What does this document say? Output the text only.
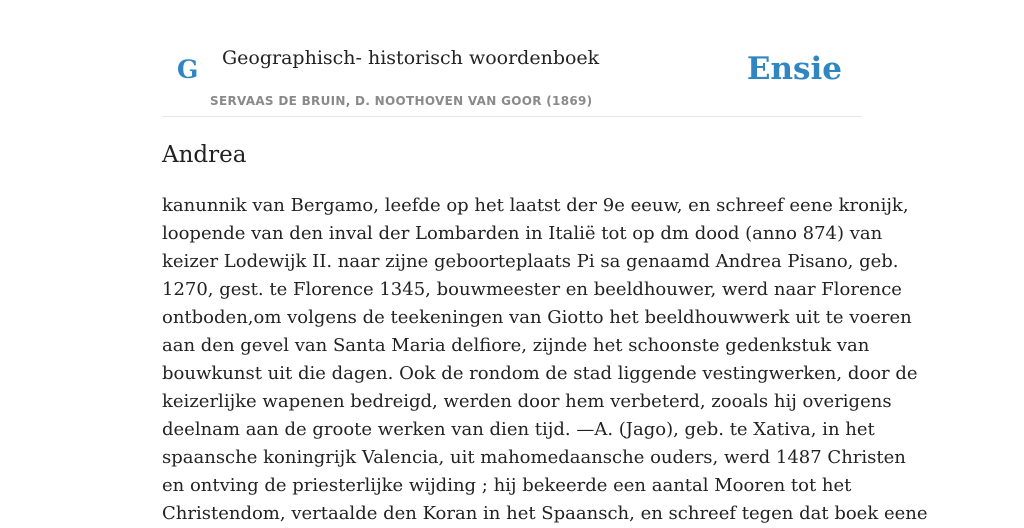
G Geographisch- historisch woordenboek
SERVAAS DE BRUIN, D. NOOTHOVEN VAN GOOR (1869)
Ensie
Andrea
kanunnik van Bergamo, leefde op het laatst der 9e eeuw, en schreef eene kronijk,
loopende van den inval der Lombarden in Italië tot op dm dood (anno 874) van
keizer Lodewijk II. naar zijne geboorteplaats Pi sa genaamd Andrea Pisano, geb.
1270, gest. te Florence 1345, bouwmeester en beeldhouwer, werd naar Florence
ontboden,om volgens de teekeningen van Giotto het beeldhouwwerk uit te voeren
aan den gevel van Santa Maria delfiore, zijnde het schoonste gedenkstuk van
bouwkunst uit die dagen. Ook de rondom de stad liggende vestingwerken, door de
keizerlijke wapenen bedreigd, werden door hem verbeterd, zooals hij overigens
deelnam aan de groote werken van dien tijd. —A. (Jago), geb. te Xativa, in het
spaansche koningrijk Valencia, uit mahomedaansche ouders, werd 1487 Christen
en ontving de priesterlijke wijding ; hij bekeerde een aantal Mooren tot het
Christendom, vertaalde den Koran in het Spaansch, en schreef tegen dat boek eene
